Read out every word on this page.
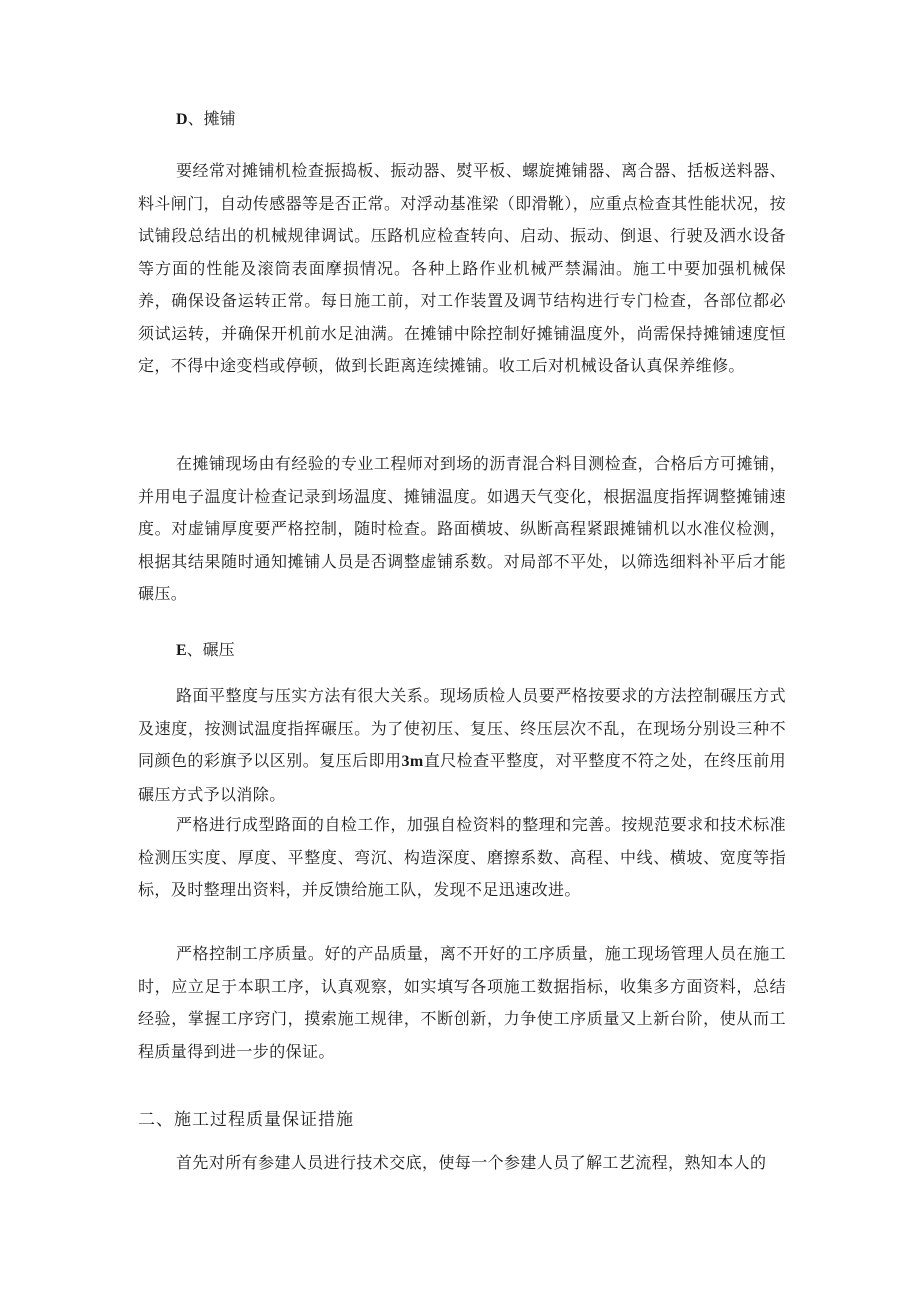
D、摊铺

要经常对摊铺机检查振捣板、振动器、熨平板、螺旋摊铺器、离合器、括板送料器、料斗闸门，自动传感器等是否正常。对浮动基准梁（即滑靴），应重点检查其性能状况，按试铺段总结出的机械规律调试。压路机应检查转向、启动、振动、倒退、行驶及洒水设备等方面的性能及滚筒表面摩损情况。各种上路作业机械严禁漏油。施工中要加强机械保养，确保设备运转正常。每日施工前，对工作装置及调节结构进行专门检查，各部位都必须试运转，并确保开机前水足油满。在摊铺中除控制好摊铺温度外，尚需保持摊铺速度恒定，不得中途变档或停顿，做到长距离连续摊铺。收工后对机械设备认真保养维修。

在摊铺现场由有经验的专业工程师对到场的沥青混合料目测检查，合格后方可摊铺，并用电子温度计检查记录到场温度、摊铺温度。如遇天气变化，根据温度指挥调整摊铺速度。对虚铺厚度要严格控制，随时检查。路面横坡、纵断高程紧跟摊铺机以水准仪检测，根据其结果随时通知摊铺人员是否调整虚铺系数。对局部不平处，以筛选细料补平后才能碾压。

E、碾压

路面平整度与压实方法有很大关系。现场质检人员要严格按要求的方法控制碾压方式及速度，按测试温度指挥碾压。为了使初压、复压、终压层次不乱，在现场分别设三种不同颜色的彩旗予以区别。复压后即用3m直尺检查平整度，对平整度不符之处，在终压前用碾压方式予以消除。

严格进行成型路面的自检工作，加强自检资料的整理和完善。按规范要求和技术标准检测压实度、厚度、平整度、弯沉、构造深度、磨擦系数、高程、中线、横坡、宽度等指标，及时整理出资料，并反馈给施工队，发现不足迅速改进。

严格控制工序质量。好的产品质量，离不开好的工序质量，施工现场管理人员在施工时，应立足于本职工序，认真观察，如实填写各项施工数据指标，收集多方面资料，总结经验，掌握工序窍门，摸索施工规律，不断创新，力争使工序质量又上新台阶，使从而工程质量得到进一步的保证。

二、施工过程质量保证措施

首先对所有参建人员进行技术交底，使每一个参建人员了解工艺流程，熟知本人的
